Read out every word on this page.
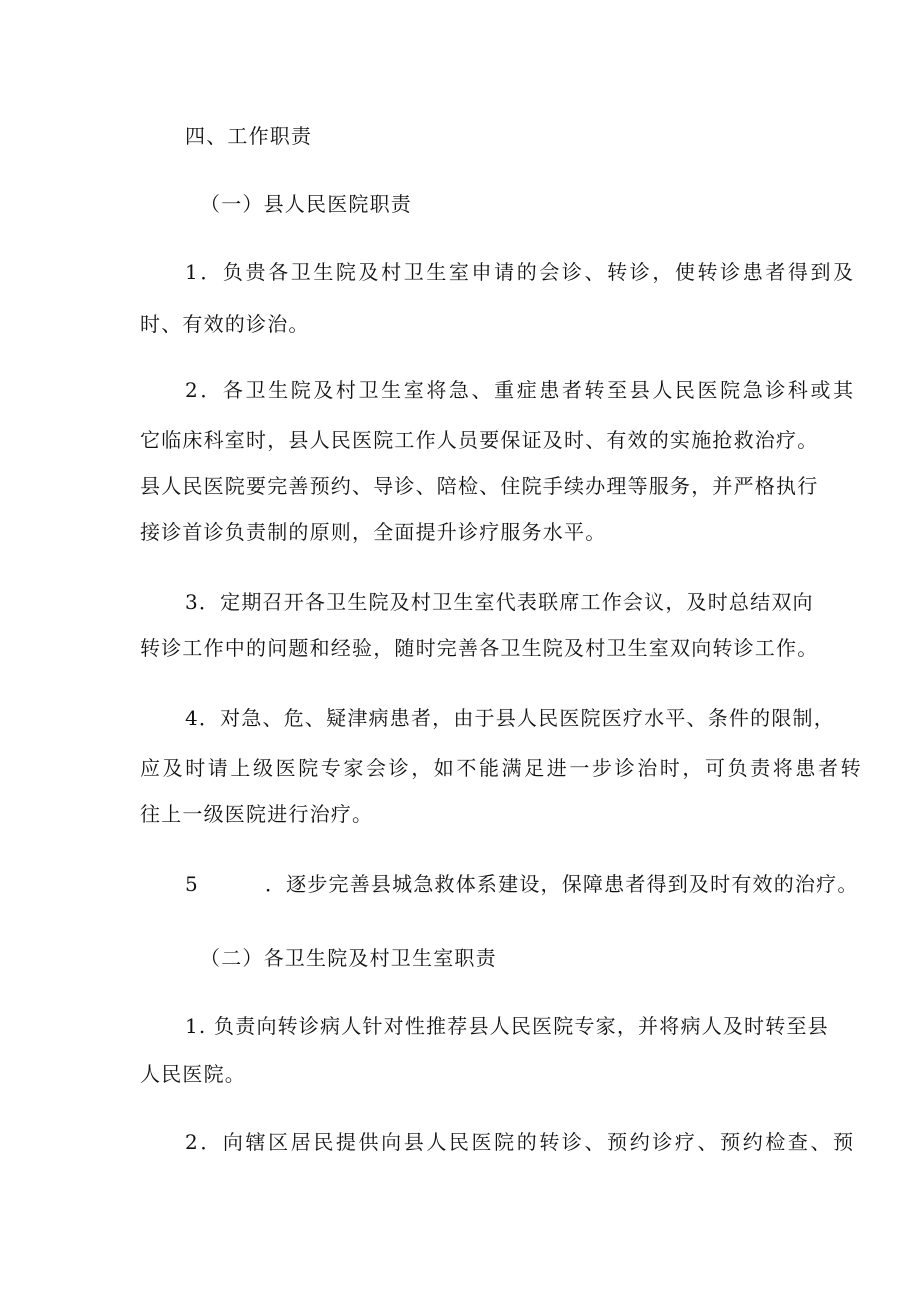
四、工作职责

（一）县人民医院职责

1．负贵各卫生院及村卫生室申请的会诊、转诊，使转诊患者得到及

时、有效的诊治。

2．各卫生院及村卫生室将急、重症患者转至县人民医院急诊科或其

它临床科室时，县人民医院工作人员要保证及时、有效的实施抢救治疗。

县人民医院要完善预约、导诊、陪检、住院手续办理等服务，并严格执行

接诊首诊负责制的原则，全面提升诊疗服务水平。

3．定期召开各卫生院及村卫生室代表联席工作会议，及时总结双向

转诊工作中的问题和经验，随时完善各卫生院及村卫生室双向转诊工作。

4．对急、危、疑津病患者，由于县人民医院医疗水平、条件的限制，

应及时请上级医院专家会诊，如不能满足进一步诊治时，可负责将患者转

往上一级医院进行治疗。

5	．逐步完善县城急救体系建设，保障患者得到及时有效的治疗。

（二）各卫生院及村卫生室职责

1. 负责向转诊病人针对性推荐县人民医院专家，并将病人及时转至县

人民医院。

2．向辖区居民提供向县人民医院的转诊、预约诊疗、预约检查、预
